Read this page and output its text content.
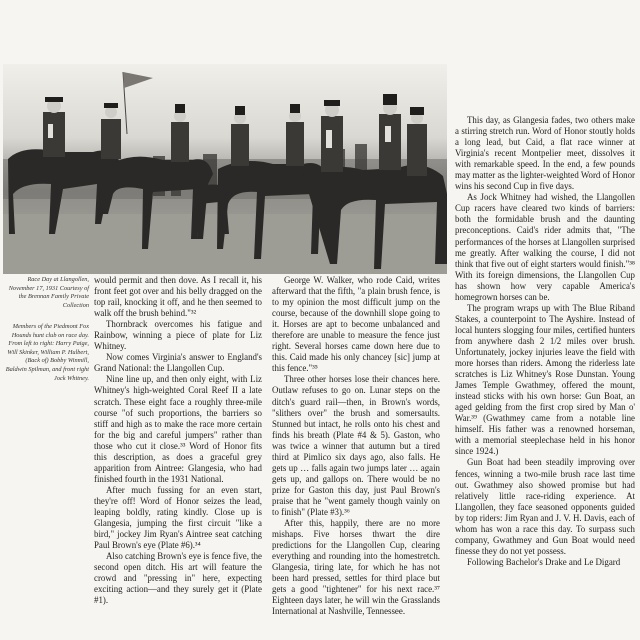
Race Day at Llangollen, November 17, 1931 Courtesy of the Brennan Family Private Collection
Members of the Piedmont Fox Hounds hunt club on race day. From left to right: Harry Paige, Will Skinker, William P. Hulbert, (Back of) Bobby Winmill, Baldwin Spilman, and front right Jock Whitney.

would permit and then dove. As I recall it, his front feet got over and his belly dragged on the top rail, knocking it off, and he then seemed to walk off the brush behind."³²

Thornbrack overcomes his fatigue and Rainbow, winning a piece of plate for Liz Whitney.

Now comes Virginia's answer to England's Grand National: the Llangollen Cup.

Nine line up, and then only eight, with Liz Whitney's high-weighted Coral Reef II a late scratch. These eight face a roughly three-mile course "of such proportions, the barriers so stiff and high as to make the race more certain for the big and careful jumpers" rather than those who cut it close.³³ Word of Honor fits this description, as does a graceful grey apparition from Aintree: Glangesia, who had finished fourth in the 1931 National.

After much fussing for an even start, they're off! Word of Honor seizes the lead, leaping boldly, rating kindly. Close up is Glangesia, jumping the first circuit "like a bird," jockey Jim Ryan's Aintree seat catching Paul Brown's eye (Plate #6).³⁴

Also catching Brown's eye is fence five, the second open ditch. His art will feature the crowd and "pressing in" here, expecting exciting action—and they surely get it (Plate #1).

George W. Walker, who rode Caid, writes afterward that the fifth, "a plain brush fence, is to my opinion the most difficult jump on the course, because of the downhill slope going to it. Horses are apt to become unbalanced and therefore are unable to measure the fence just right. Several horses came down here due to this. Caid made his only chancey [sic] jump at this fence."³⁵

Three other horses lose their chances here. Outlaw refuses to go on. Lunar steps on the ditch's guard rail—then, in Brown's words, "slithers over" the brush and somersaults. Stunned but intact, he rolls onto his chest and finds his breath (Plate #4 & 5). Gaston, who was twice a winner that autumn but a tired third at Pimlico six days ago, also falls. He gets up … falls again two jumps later … again gets up, and gallops on. There would be no prize for Gaston this day, just Paul Brown's praise that he "went gamely though vainly on to finish" (Plate #3).³⁶

After this, happily, there are no more mishaps. Five horses thwart the dire predictions for the Llangollen Cup, clearing everything and rounding into the homestretch. Glangesia, tiring late, for which he has not been hard pressed, settles for third place but gets a good "tightener" for his next race.³⁷ Eighteen days later, he will win the Grasslands International at Nashville, Tennessee.

This day, as Glangesia fades, two others make a stirring stretch run. Word of Honor stoutly holds a long lead, but Caid, a flat race winner at Virginia's recent Montpelier meet, dissolves it with remarkable speed. In the end, a few pounds may matter as the lighter-weighted Word of Honor wins his second Cup in five days.

As Jock Whitney had wished, the Llangollen Cup racers have cleared two kinds of barriers: both the formidable brush and the daunting preconceptions. Caid's rider admits that, "The performances of the horses at Llangollen surprised me greatly. After walking the course, I did not think that five out of eight starters would finish."³⁸ With its foreign dimensions, the Llangollen Cup has shown how very capable America's homegrown horses can be.

The program wraps up with The Blue Riband Stakes, a counterpoint to The Ayshire. Instead of local hunters slogging four miles, certified hunters from anywhere dash 2 1/2 miles over brush. Unfortunately, jockey injuries leave the field with more horses than riders. Among the riderless late scratches is Liz Whitney's Rose Dunstan. Young James Temple Gwathmey, offered the mount, instead sticks with his own horse: Gun Boat, an aged gelding from the first crop sired by Man o' War.³⁹ (Gwathmey came from a notable line himself. His father was a renowned horseman, with a memorial steeplechase held in his honor since 1924.)

Gun Boat had been steadily improving over fences, winning a two-mile brush race last time out. Gwathmey also showed promise but had relatively little race-riding experience. At Llangollen, they face seasoned opponents guided by top riders: Jim Ryan and J. V. H. Davis, each of whom has won a race this day. To surpass such company, Gwathmey and Gun Boat would need finesse they do not yet possess.

Following Bachelor's Drake and Le Digard
